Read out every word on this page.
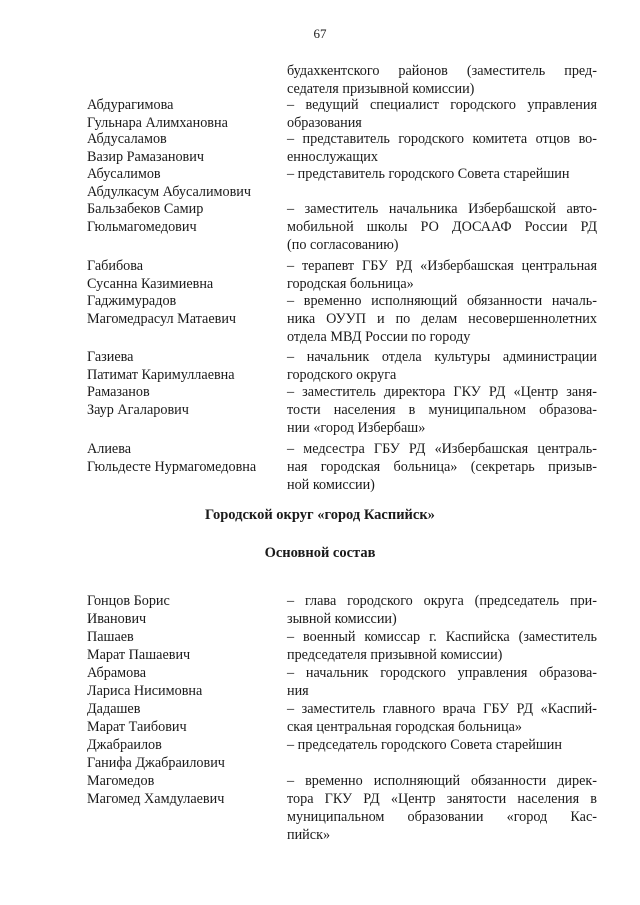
67
будахкентского районов (заместитель пред-
седателя призывной комиссии)
Абдурагимова
Гульнара Алимхановна
– ведущий специалист городского управления
образования
Абдусаламов
Вазир Рамазанович
– представитель городского комитета отцов во-
еннослужащих
Абусалимов
Абдулкасум Абусалимович
– представитель городского Совета старейшин
Бальзабеков Самир
Гюльмагомедович
– заместитель начальника Избербашской авто-
мобильной школы РО ДОСААФ России РД
(по согласованию)
Габибова
Сусанна Казимиевна
– терапевт ГБУ РД «Избербашская центральная
городская больница»
Гаджимурадов
Магомедрасул Матаевич
– временно исполняющий обязанности началь-
ника ОУУП и по делам несовершеннолетних
отдела МВД России по городу
Газиева
Патимат Каримуллаевна
– начальник отдела культуры администрации
городского округа
Рамазанов
Заур Агаларович
– заместитель директора ГКУ РД «Центр заня-
тости населения в муниципальном образова-
нии «город Избербаш»
Алиева
Гюльдесте Нурмагомедовна
– медсестра ГБУ РД «Избербашская централь-
ная городская больница» (секретарь призыв-
ной комиссии)
Городской округ «город Каспийск»
Основной состав
Гонцов Борис
Иванович
– глава городского округа (председатель при-
зывной комиссии)
Пашаев
Марат Пашаевич
– военный комиссар г. Каспийска (заместитель
председателя призывной комиссии)
Абрамова
Лариса Нисимовна
– начальник городского управления образова-
ния
Дадашев
Марат Таибович
– заместитель главного врача ГБУ РД «Каспий-
ская центральная городская больница»
Джабраилов
Ганифа Джабраилович
– председатель городского Совета старейшин
Магомедов
Магомед Хамдулаевич
– временно исполняющий обязанности дирек-
тора ГКУ РД «Центр занятости населения в
муниципальном образовании «город Кас-
пийск»
